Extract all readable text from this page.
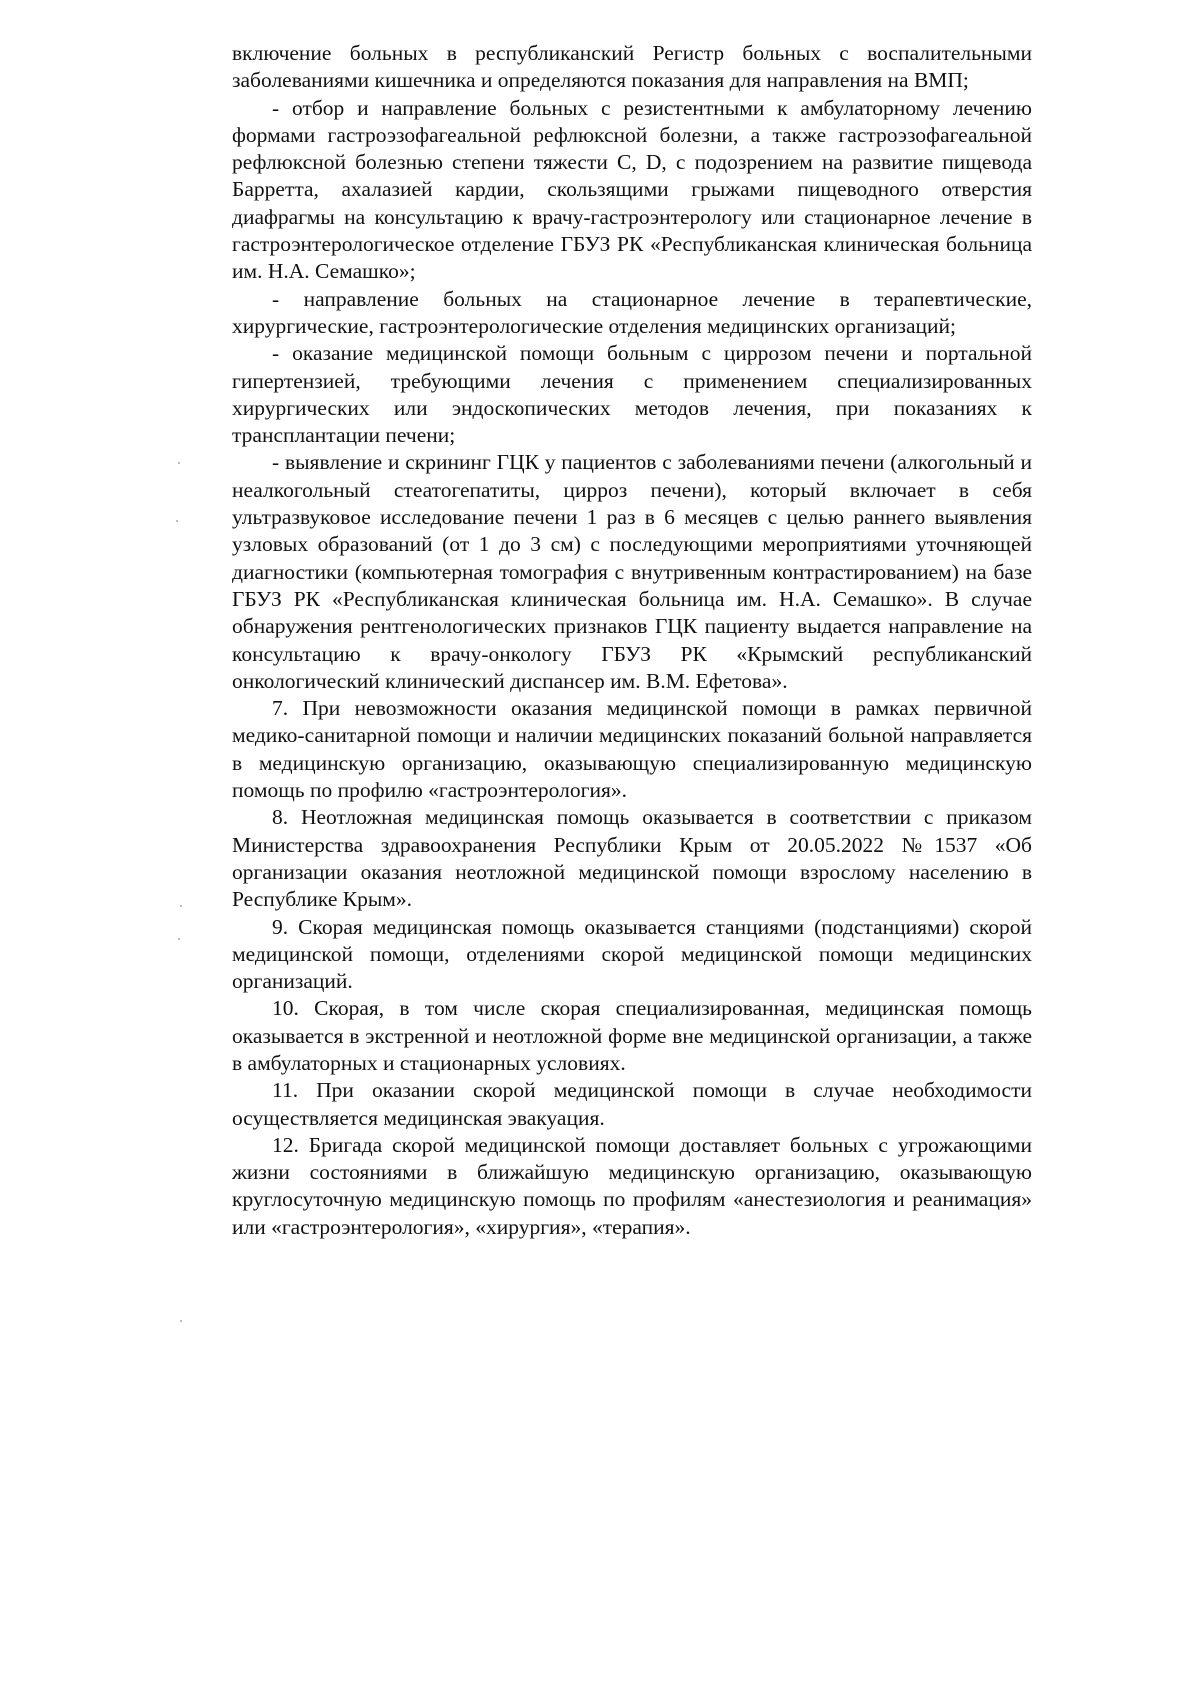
включение больных в республиканский Регистр больных с воспалительными заболеваниями кишечника и определяются показания для направления на ВМП;

- отбор и направление больных с резистентными к амбулаторному лечению формами гастроэзофагеальной рефлюксной болезни, а также гастроэзофагеальной рефлюксной болезнью степени тяжести C, D, с подозрением на развитие пищевода Барретта, ахалазией кардии, скользящими грыжами пищеводного отверстия диафрагмы на консультацию к врачу-гастроэнтерологу или стационарное лечение в гастроэнтерологическое отделение ГБУЗ РК «Республиканская клиническая больница им. Н.А. Семашко»;

- направление больных на стационарное лечение в терапевтические, хирургические, гастроэнтерологические отделения медицинских организаций;

- оказание медицинской помощи больным с циррозом печени и портальной гипертензией, требующими лечения с применением специализированных хирургических или эндоскопических методов лечения, при показаниях к трансплантации печени;

- выявление и скрининг ГЦК у пациентов с заболеваниями печени (алкогольный и неалкогольный стеатогепатиты, цирроз печени), который включает в себя ультразвуковое исследование печени 1 раз в 6 месяцев с целью раннего выявления узловых образований (от 1 до 3 см) с последующими мероприятиями уточняющей диагностики (компьютерная томография с внутривенным контрастированием) на базе ГБУЗ РК «Республиканская клиническая больница им. Н.А. Семашко». В случае обнаружения рентгенологических признаков ГЦК пациенту выдается направление на консультацию к врачу-онкологу ГБУЗ РК «Крымский республиканский онкологический клинический диспансер им. В.М. Ефетова».

7. При невозможности оказания медицинской помощи в рамках первичной медико-санитарной помощи и наличии медицинских показаний больной направляется в медицинскую организацию, оказывающую специализированную медицинскую помощь по профилю «гастроэнтерология».

8. Неотложная медицинская помощь оказывается в соответствии с приказом Министерства здравоохранения Республики Крым от 20.05.2022 №1537 «Об организации оказания неотложной медицинской помощи взрослому населению в Республике Крым».

9. Скорая медицинская помощь оказывается станциями (подстанциями) скорой медицинской помощи, отделениями скорой медицинской помощи медицинских организаций.

10. Скорая, в том числе скорая специализированная, медицинская помощь оказывается в экстренной и неотложной форме вне медицинской организации, а также в амбулаторных и стационарных условиях.

11. При оказании скорой медицинской помощи в случае необходимости осуществляется медицинская эвакуация.

12. Бригада скорой медицинской помощи доставляет больных с угрожающими жизни состояниями в ближайшую медицинскую организацию, оказывающую круглосуточную медицинскую помощь по профилям «анестезиология и реанимация» или «гастроэнтерология», «хирургия», «терапия».
